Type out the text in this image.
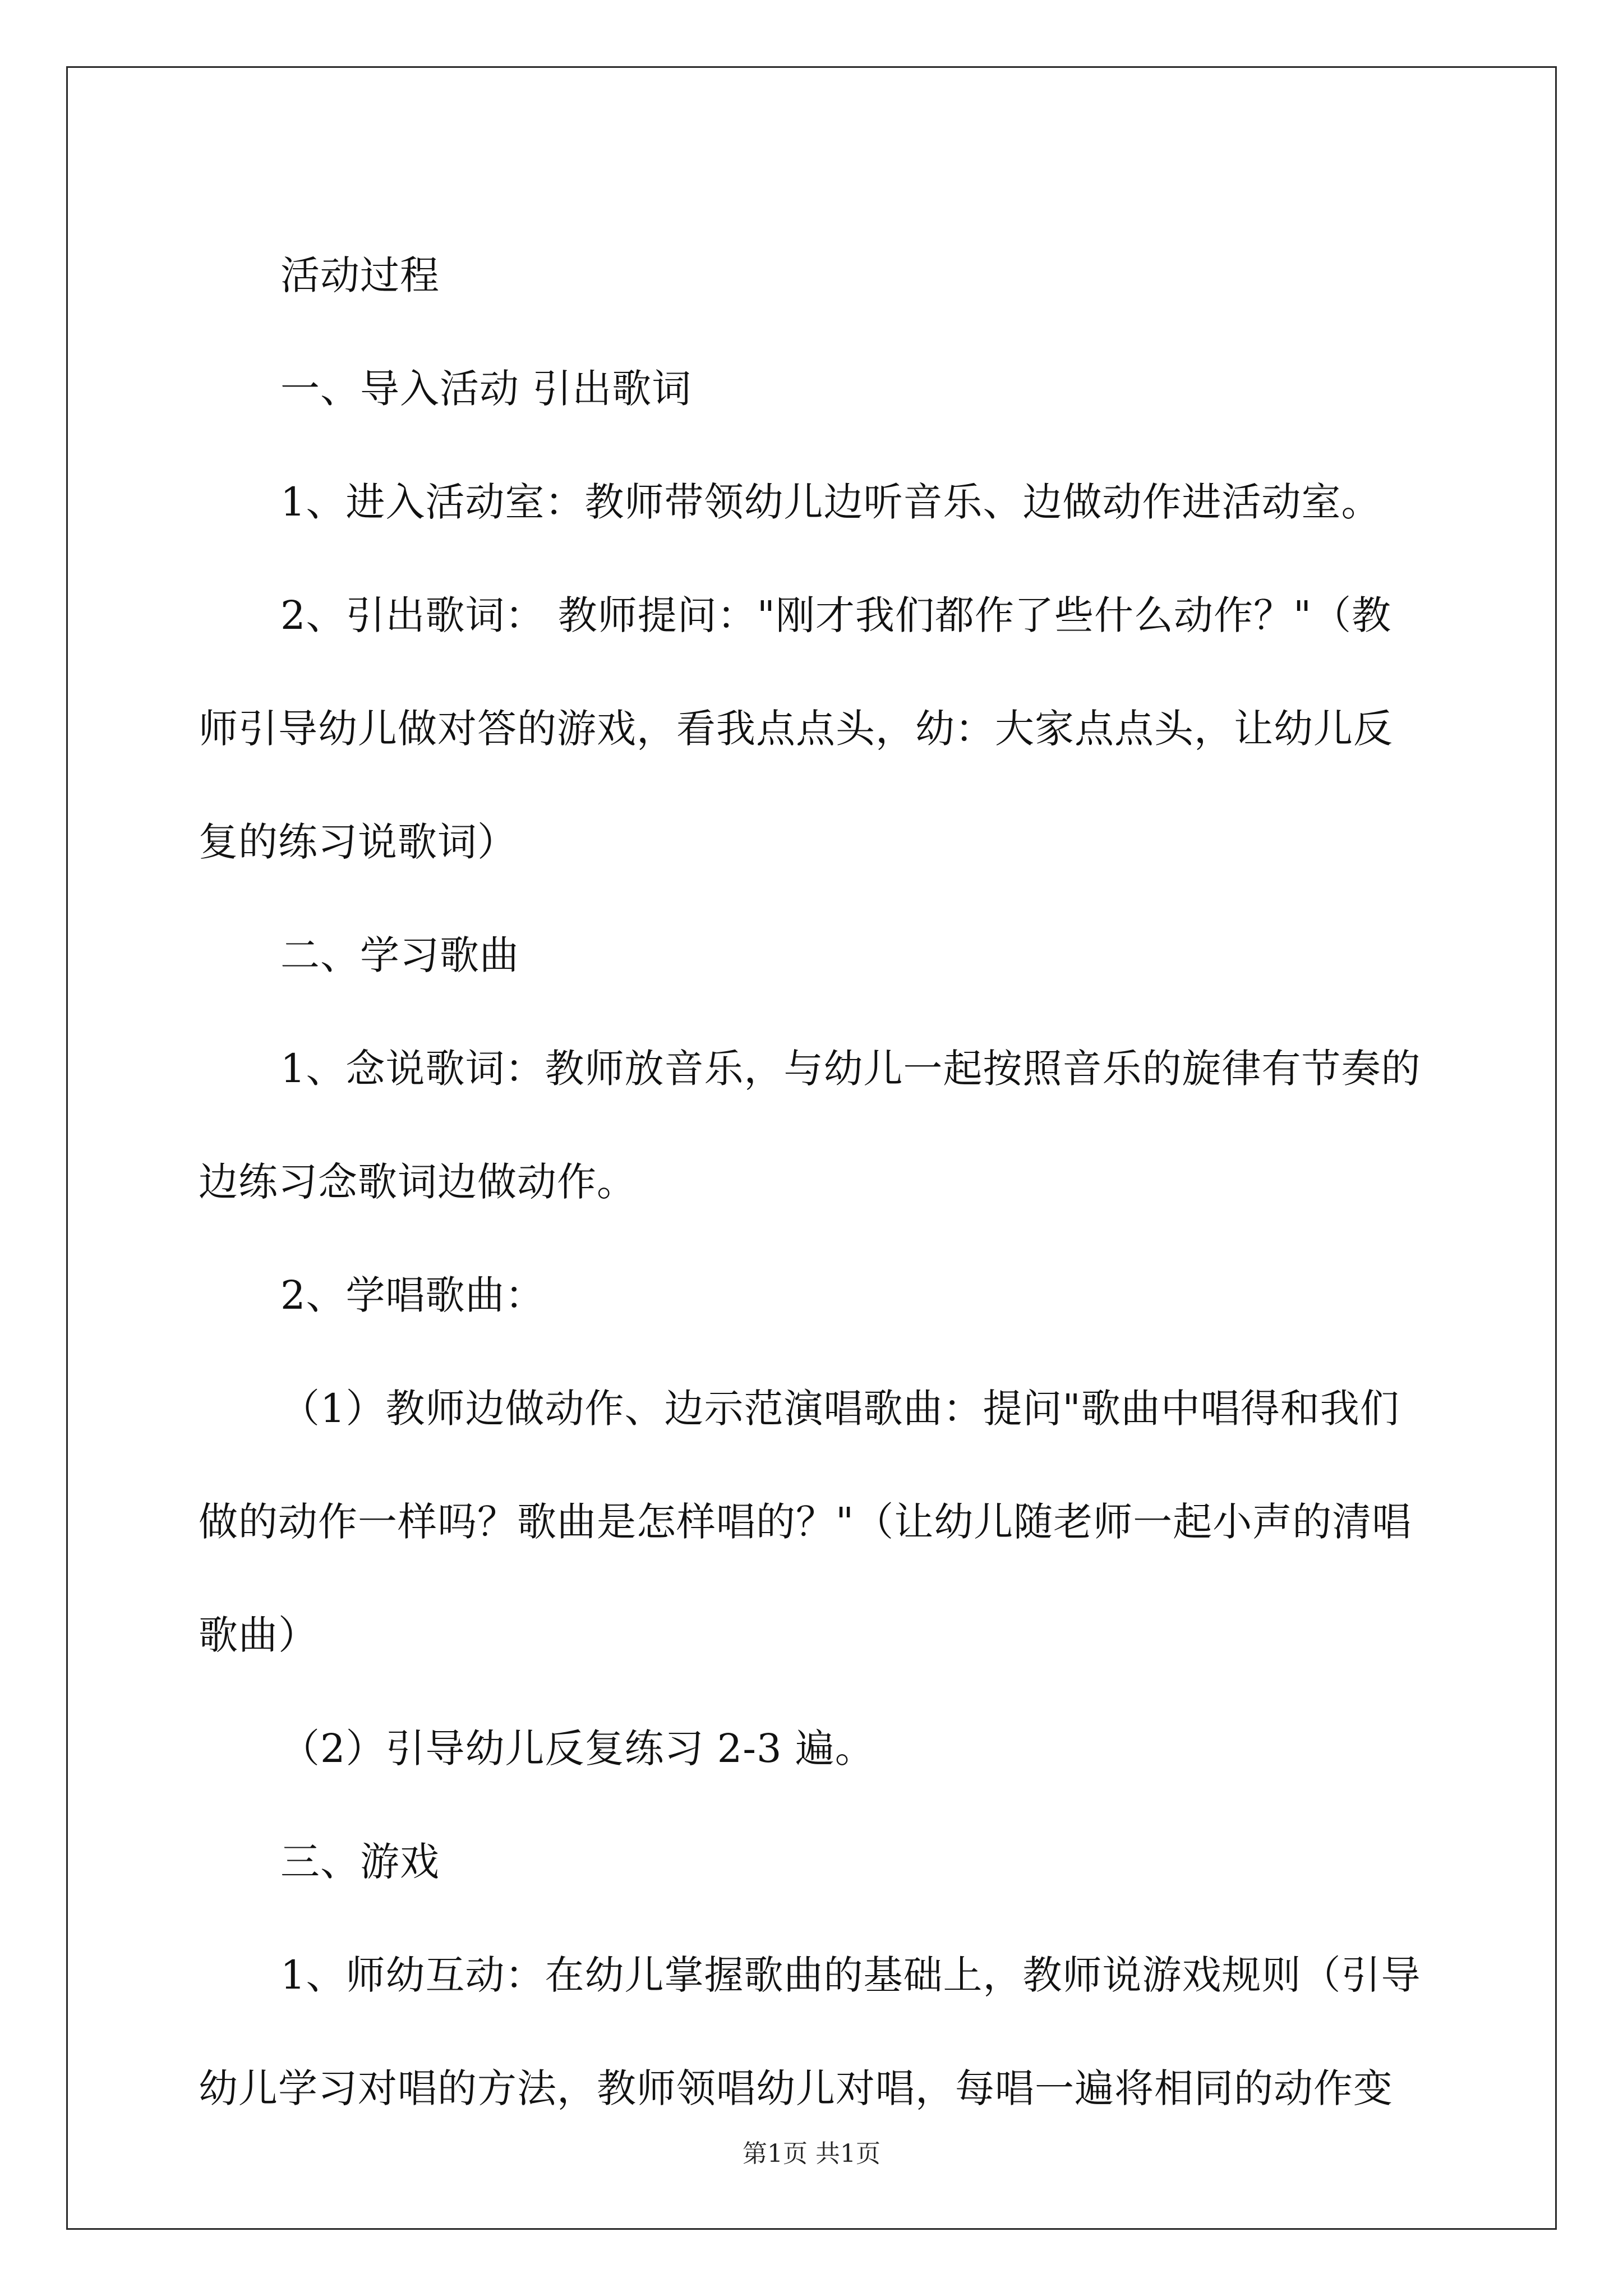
活动过程

一、导入活动 引出歌词

1、进入活动室：教师带领幼儿边听音乐、边做动作进活动室。

2、引出歌词： 教师提问："刚才我们都作了些什么动作？"（教师引导幼儿做对答的游戏，看我点点头，幼：大家点点头，让幼儿反复的练习说歌词）

二、学习歌曲

1、念说歌词：教师放音乐，与幼儿一起按照音乐的旋律有节奏的边练习念歌词边做动作。

2、学唱歌曲：

（1）教师边做动作、边示范演唱歌曲：提问"歌曲中唱得和我们做的动作一样吗？歌曲是怎样唱的？"（让幼儿随老师一起小声的清唱歌曲）

（2）引导幼儿反复练习 2-3 遍。

三、游戏

1、师幼互动：在幼儿掌握歌曲的基础上，教师说游戏规则（引导幼儿学习对唱的方法，教师领唱幼儿对唱，每唱一遍将相同的动作变

第1页 共1页
